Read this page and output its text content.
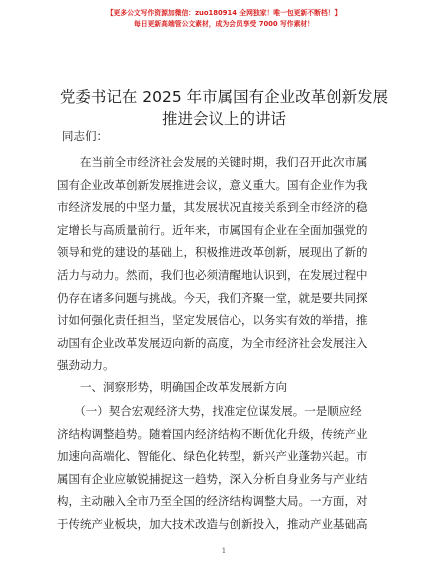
【更多公文写作资源加微信：zuo180914 全网独家！唯一包更新不断档！】
每日更新高端管公文素材，成为会员享受 7000 写作素材！
党委书记在 2025 年市属国有企业改革创新发展
推进会议上的讲话
同志们：
　　在当前全市经济社会发展的关键时期，我们召开此次市属
国有企业改革创新发展推进会议，意义重大。国有企业作为我
市经济发展的中坚力量，其发展状况直接关系到全市经济的稳
定增长与高质量前行。近年来，市属国有企业在全面加强党的
领导和党的建设的基础上，积极推进改革创新，展现出了新的
活力与动力。然而，我们也必须清醒地认识到，在发展过程中
仍存在诸多问题与挑战。今天，我们齐聚一堂，就是要共同探
讨如何强化责任担当，坚定发展信心，以务实有效的举措，推
动国有企业改革发展迈向新的高度，为全市经济社会发展注入
强劲动力。
一、洞察形势，明确国企改革发展新方向
　　（一）契合宏观经济大势，找准定位谋发展。一是顺应经
济结构调整趋势。随着国内经济结构不断优化升级，传统产业
加速向高端化、智能化、绿色化转型，新兴产业蓬勃兴起。市
属国有企业应敏锐捕捉这一趋势，深入分析自身业务与产业结
构，主动融入全市乃至全国的经济结构调整大局。一方面，对
于传统产业板块，加大技术改造与创新投入，推动产业基础高
1
